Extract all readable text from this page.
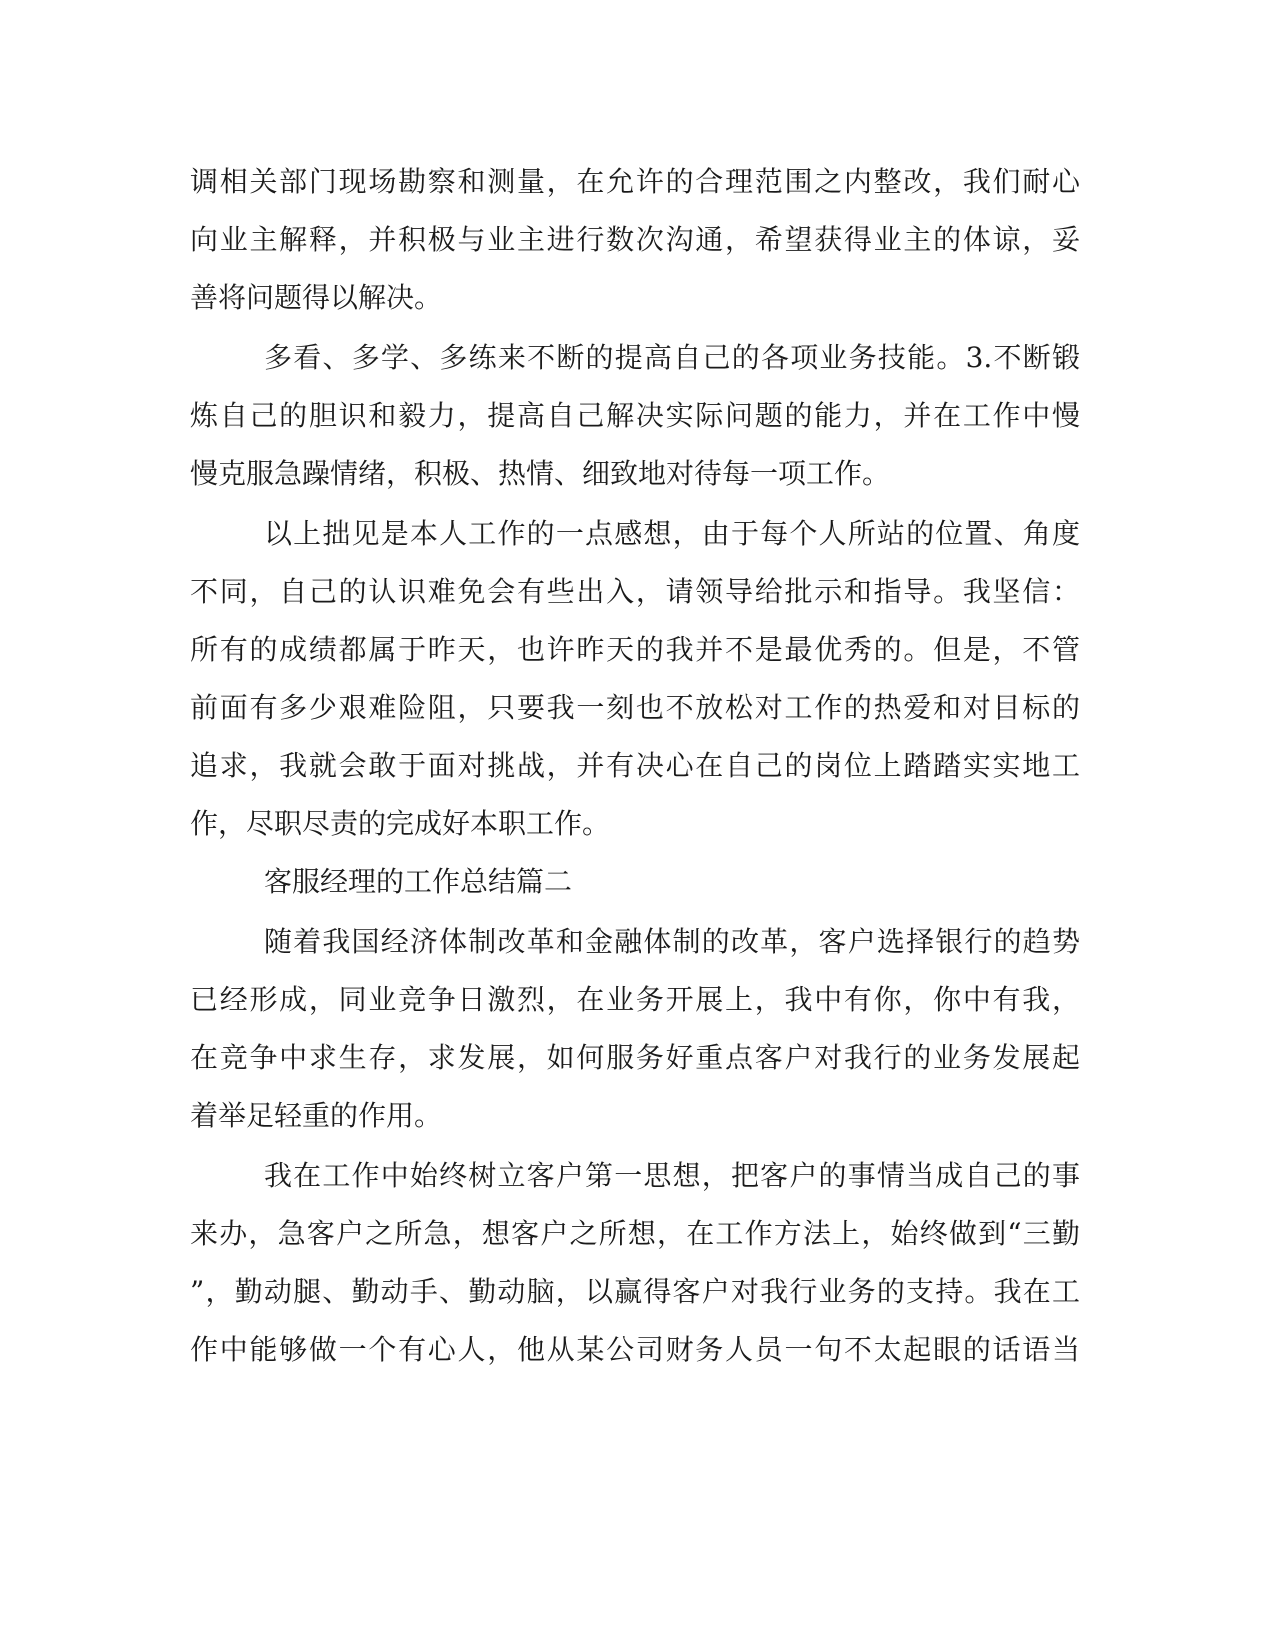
调相关部门现场勘察和测量，在允许的合理范围之内整改，我们耐心
向业主解释，并积极与业主进行数次沟通，希望获得业主的体谅，妥
善将问题得以解决。
多看、多学、多练来不断的提高自己的各项业务技能。3.不断锻
炼自己的胆识和毅力，提高自己解决实际问题的能力，并在工作中慢
慢克服急躁情绪，积极、热情、细致地对待每一项工作。
以上拙见是本人工作的一点感想，由于每个人所站的位置、角度
不同，自己的认识难免会有些出入，请领导给批示和指导。我坚信：
所有的成绩都属于昨天，也许昨天的我并不是最优秀的。但是，不管
前面有多少艰难险阻，只要我一刻也不放松对工作的热爱和对目标的
追求，我就会敢于面对挑战，并有决心在自己的岗位上踏踏实实地工
作，尽职尽责的完成好本职工作。
客服经理的工作总结篇二
随着我国经济体制改革和金融体制的改革，客户选择银行的趋势
已经形成，同业竞争日激烈，在业务开展上，我中有你，你中有我，
在竞争中求生存，求发展，如何服务好重点客户对我行的业务发展起
着举足轻重的作用。
我在工作中始终树立客户第一思想，把客户的事情当成自己的事
来办，急客户之所急，想客户之所想，在工作方法上，始终做到“三勤
”，勤动腿、勤动手、勤动脑，以赢得客户对我行业务的支持。我在工
作中能够做一个有心人，他从某公司财务人员一句不太起眼的话语当
